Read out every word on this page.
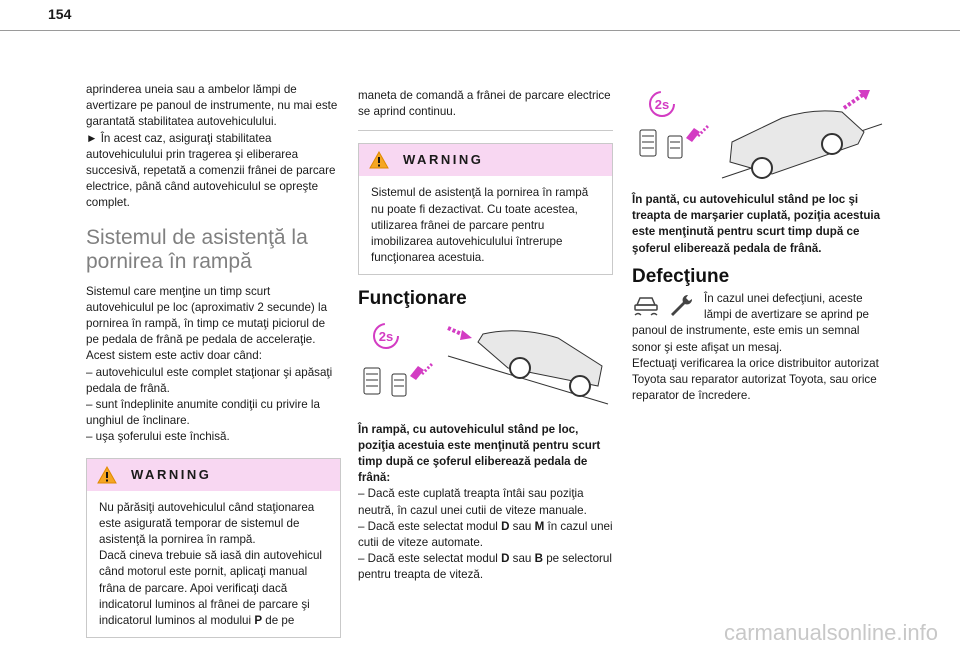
154

aprinderea uneia sau a ambelor lămpi de avertizare pe panoul de instrumente, nu mai este garantată stabilitatea autovehiculului.

► În acest caz, asiguraţi stabilitatea autovehiculului prin tragerea şi eliberarea succesivă, repetată a comenzii frânei de parcare electrice, până când autovehiculul se opreşte complet.

Sistemul de asistenţă la
pornirea în rampă

Sistemul care menţine un timp scurt autovehiculul pe loc (aproximativ 2 secunde) la pornirea în rampă, în timp ce mutaţi piciorul de pe pedala de frână pe pedala de acceleraţie.

Acest sistem este activ doar când:

– autovehiculul este complet staţionar şi apăsaţi pedala de frână.

– sunt îndeplinite anumite condiţii cu privire la unghiul de înclinare.

– uşa şoferului este închisă.

WARNING

Nu părăsiţi autovehiculul când staţionarea este asigurată temporar de sistemul de asistenţă la pornirea în rampă.

Dacă cineva trebuie să iasă din autovehicul când motorul este pornit, aplicaţi manual frâna de parcare. Apoi verificaţi dacă indicatorul luminos al frânei de parcare şi indicatorul luminos al modului P de pe

maneta de comandă a frânei de parcare electrice se aprind continuu.

WARNING

Sistemul de asistenţă la pornirea în rampă nu poate fi dezactivat. Cu toate acestea, utilizarea frânei de parcare pentru imobilizarea autovehiculului întrerupe funcţionarea acestuia.

Funcţionare
2s

În rampă, cu autovehiculul stând pe loc, poziţia acestuia este menţinută pentru scurt timp după ce şoferul eliberează pedala de frână:

– Dacă este cuplată treapta întâi sau poziţia neutră, în cazul unei cutii de viteze manuale.

– Dacă este selectat modul D sau M în cazul unei cutii de viteze automate.

– Dacă este selectat modul D sau B pe selectorul pentru treapta de viteză.

2s

În pantă, cu autovehiculul stând pe loc şi treapta de marşarier cuplată, poziţia acestuia este menţinută pentru scurt timp după ce şoferul eliberează pedala de frână.

Defecţiune

În cazul unei defecţiuni, aceste lămpi de avertizare se aprind pe panoul de instrumente, este emis un semnal sonor şi este afişat un mesaj.

Efectuaţi verificarea la orice distribuitor autorizat Toyota sau reparator autorizat Toyota, sau orice reparator de încredere.

carmanualsonline.info
